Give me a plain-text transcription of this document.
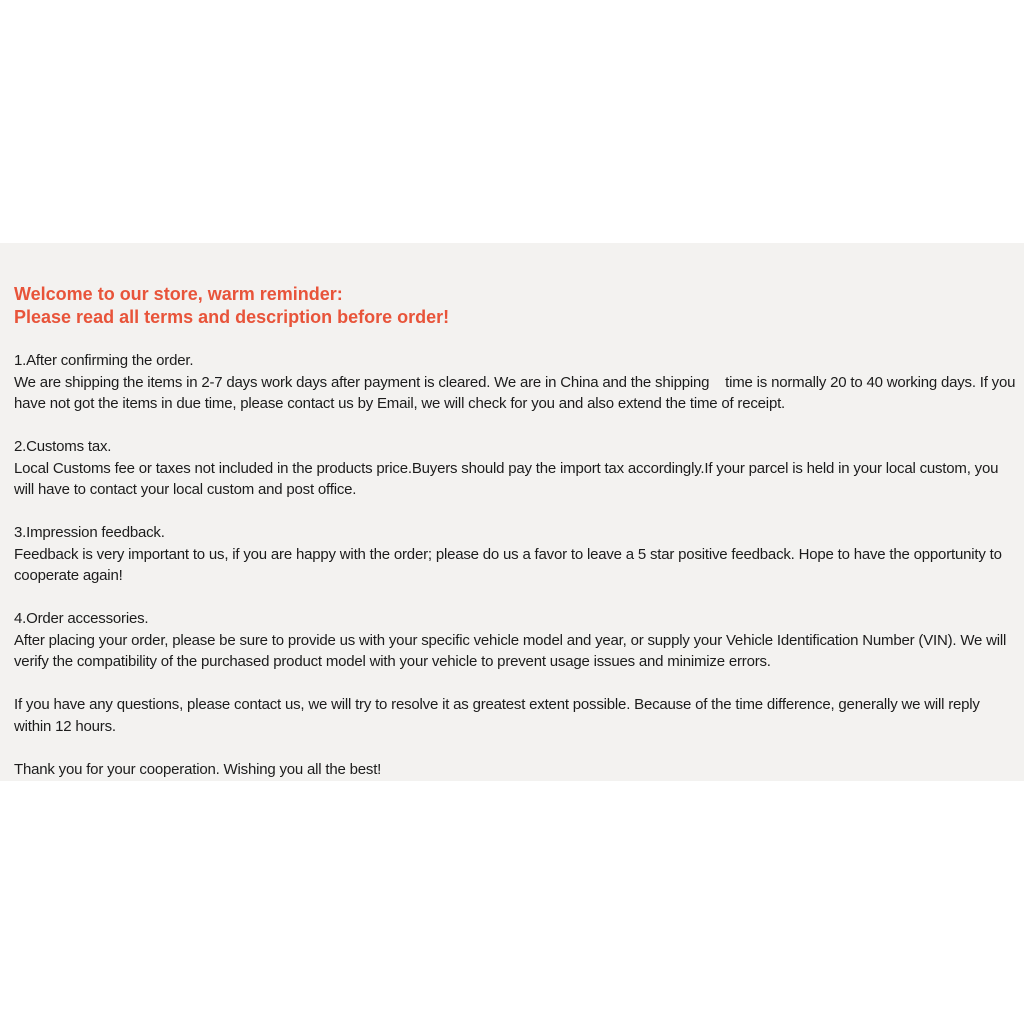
Welcome to our store, warm reminder:
Please read all terms and description before order!

1.After confirming the order.
We are shipping the items in 2-7 days work days after payment is cleared. We are in China and the shipping    time is normally 20 to 40 working days. If you have not got the items in due time, please contact us by Email, we will check for you and also extend the time of receipt.

2.Customs tax.
Local Customs fee or taxes not included in the products price.Buyers should pay the import tax accordingly.If your parcel is held in your local custom, you will have to contact your local custom and post office.

3.Impression feedback.
Feedback is very important to us, if you are happy with the order; please do us a favor to leave a 5 star positive feedback. Hope to have the opportunity to cooperate again!

4.Order accessories.
After placing your order, please be sure to provide us with your specific vehicle model and year, or supply your Vehicle Identification Number (VIN). We will verify the compatibility of the purchased product model with your vehicle to prevent usage issues and minimize errors.

If you have any questions, please contact us, we will try to resolve it as greatest extent possible. Because of the time difference, generally we will reply within 12 hours.

Thank you for your cooperation. Wishing you all the best!
